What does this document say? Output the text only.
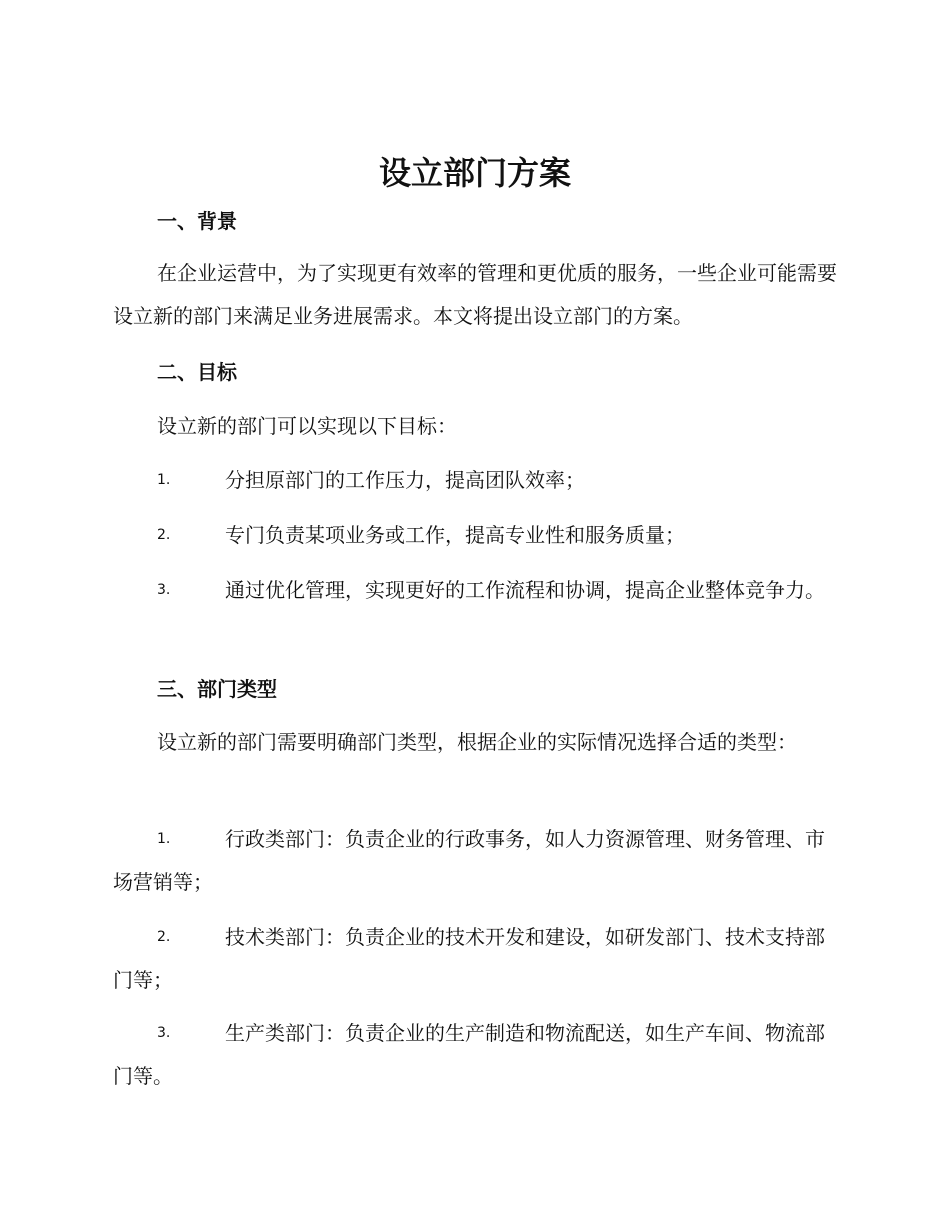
设立部门方案
一、背景

在企业运营中，为了实现更有效率的管理和更优质的服务，一些企业可能需要设立新的部门来满足业务进展需求。本文将提出设立部门的方案。

二、目标
设立新的部门可以实现以下目标：
1.	分担原部门的工作压力，提高团队效率；
2.	专门负责某项业务或工作，提高专业性和服务质量；
3.	通过优化管理，实现更好的工作流程和协调，提高企业整体竞争力。
三、部门类型

设立新的部门需要明确部门类型，根据企业的实际情况选择合适的类型：

1.	行政类部门：负责企业的行政事务，如人力资源管理、财务管理、市场营销等；
2.	技术类部门：负责企业的技术开发和建设，如研发部门、技术支持部门等；
3.	生产类部门：负责企业的生产制造和物流配送，如生产车间、物流部门等。
